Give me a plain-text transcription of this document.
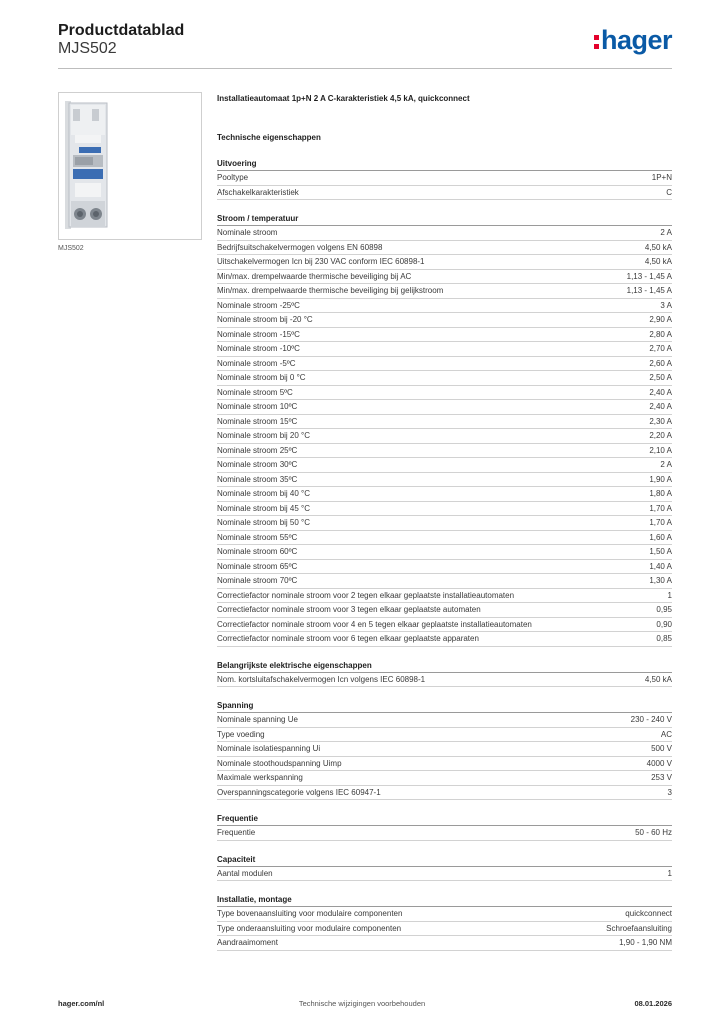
Productdatablad
MJS502	hager
MJS502
Installatieautomaat 1p+N 2 A C-karakteristiek 4,5 kA, quickconnect
Technische eigenschappen
Uitvoering
Pooltype	1P+N
Afschakelkarakteristiek	C
Stroom / temperatuur
Nominale stroom	2 A
Bedrijfsuitschakelvermogen volgens EN 60898	4,50 kA
Uitschakelvermogen Icn bij 230 VAC conform IEC 60898-1	4,50 kA
Min/max. drempelwaarde thermische beveiliging bij AC	1,13 - 1,45 A
Min/max. drempelwaarde thermische beveiliging bij gelijkstroom	1,13 - 1,45 A
Nominale stroom -25ºC	3 A
Nominale stroom bij -20 °C	2,90 A
Nominale stroom -15ºC	2,80 A
Nominale stroom -10ºC	2,70 A
Nominale stroom -5ºC	2,60 A
Nominale stroom bij 0 °C	2,50 A
Nominale stroom 5ºC	2,40 A
Nominale stroom 10ºC	2,40 A
Nominale stroom 15ºC	2,30 A
Nominale stroom bij 20 °C	2,20 A
Nominale stroom 25ºC	2,10 A
Nominale stroom 30ºC	2 A
Nominale stroom 35ºC	1,90 A
Nominale stroom bij 40 °C	1,80 A
Nominale stroom bij 45 °C	1,70 A
Nominale stroom bij 50 °C	1,70 A
Nominale stroom 55ºC	1,60 A
Nominale stroom 60ºC	1,50 A
Nominale stroom 65ºC	1,40 A
Nominale stroom 70ºC	1,30 A
Correctiefactor nominale stroom voor 2 tegen elkaar geplaatste installatieautomaten	1
Correctiefactor nominale stroom voor 3 tegen elkaar geplaatste automaten	0,95
Correctiefactor nominale stroom voor 4 en 5 tegen elkaar geplaatste installatieautomaten	0,90
Correctiefactor nominale stroom voor 6 tegen elkaar geplaatste apparaten	0,85
Belangrijkste elektrische eigenschappen
Nom. kortsluitafschakelvermogen Icn volgens IEC 60898-1	4,50 kA
Spanning
Nominale spanning Ue	230 - 240 V
Type voeding	AC
Nominale isolatiespanning Ui	500 V
Nominale stoothoudspanning Uimp	4000 V
Maximale werkspanning	253 V
Overspanningscategorie volgens IEC 60947-1	3
Frequentie
Frequentie	50 - 60 Hz
Capaciteit
Aantal modulen	1
Installatie, montage
Type bovenaansluiting voor modulaire componenten	quickconnect
Type onderaansluiting voor modulaire componenten	Schroefaansluiting
Aandraaimoment	1,90 - 1,90 NM
hager.com/nl	Technische wijzigingen voorbehouden	08.01.2026
